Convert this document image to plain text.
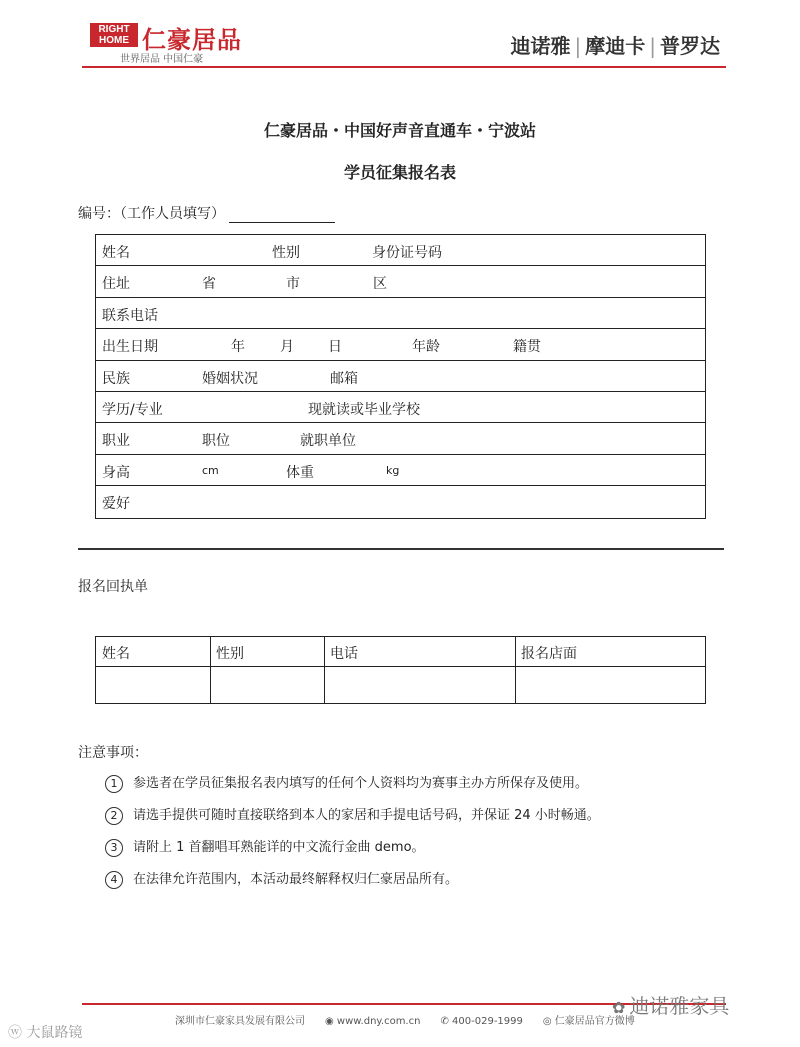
RIGHT
HOME 仁豪居品
世界居品 中国仁豪
迪诺雅 | 摩迪卡 | 普罗达
仁豪居品・中国好声音直通车・宁波站
学员征集报名表
编号：（工作人员填写）
姓名	性别	身份证号码
住址	省	市	区
联系电话
出生日期	年	月 日	年龄	籍贯
民族	婚姻状况	邮箱
学历/专业	现就读或毕业学校
职业	职位	就职单位
身高	cm	体重	kg
爱好
报名回执单
姓名	性别	电话	报名店面
注意事项：
1 参选者在学员征集报名表内填写的任何个人资料均为赛事主办方所保存及使用。
2 请选手提供可随时直接联络到本人的家居和手提电话号码，并保证 24 小时畅通。
3 请附上 1 首翻唱耳熟能详的中文流行金曲 demo。
4 在法律允许范围内，本活动最终解释权归仁豪居品所有。
深圳市仁豪家具发展有限公司 ◉ www.dny.com.cn ✆ 400-029-1999 ◎ 仁豪居品官方微博
✿ 迪诺雅家具
ⓦ 大鼠路镜
